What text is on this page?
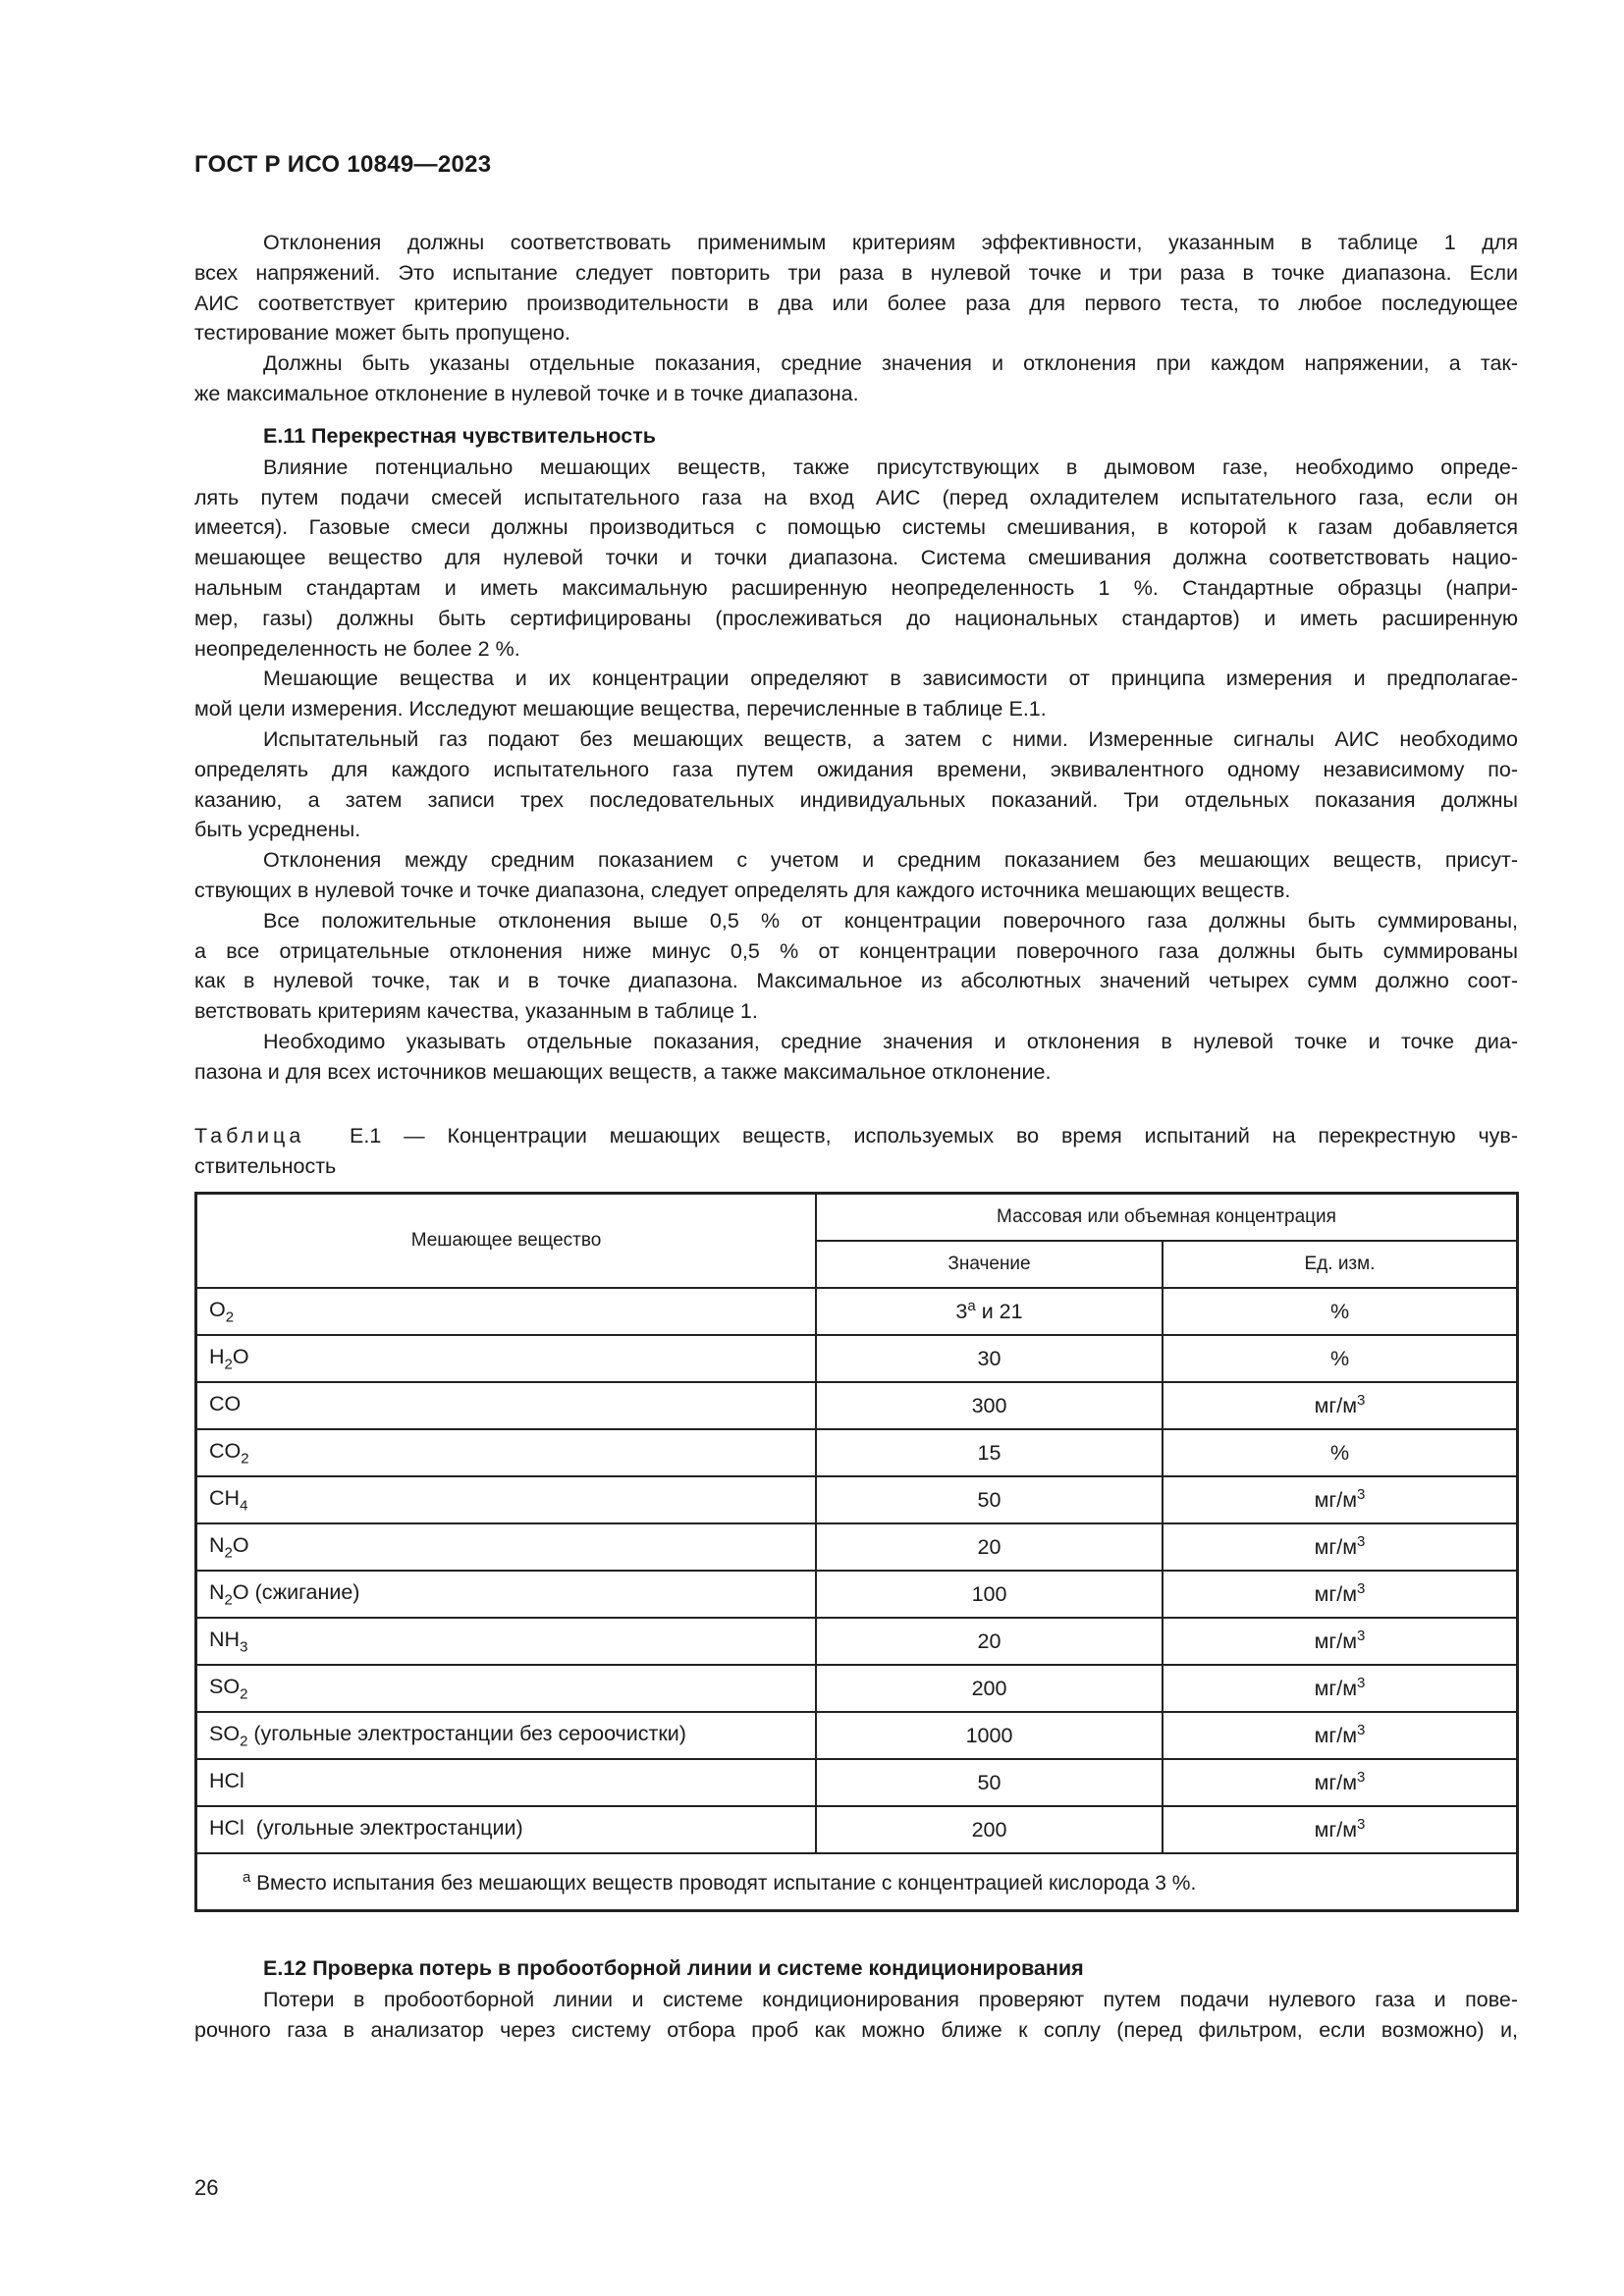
ГОСТ Р ИСО 10849—2023
Отклонения должны соответствовать применимым критериям эффективности, указанным в таблице 1 для
всех напряжений. Это испытание следует повторить три раза в нулевой точке и три раза в точке диапазона. Если
АИС соответствует критерию производительности в два или более раза для первого теста, то любое последующее
тестирование может быть пропущено.
Должны быть указаны отдельные показания, средние значения и отклонения при каждом напряжении, а так-
же максимальное отклонение в нулевой точке и в точке диапазона.
Е.11 Перекрестная чувствительность
Влияние потенциально мешающих веществ, также присутствующих в дымовом газе, необходимо опреде-
лять путем подачи смесей испытательного газа на вход АИС (перед охладителем испытательного газа, если он
имеется). Газовые смеси должны производиться с помощью системы смешивания, в которой к газам добавляется
мешающее вещество для нулевой точки и точки диапазона. Система смешивания должна соответствовать нацио-
нальным стандартам и иметь максимальную расширенную неопределенность 1 %. Стандартные образцы (напри-
мер, газы) должны быть сертифицированы (прослеживаться до национальных стандартов) и иметь расширенную
неопределенность не более 2 %.
Мешающие вещества и их концентрации определяют в зависимости от принципа измерения и предполагае-
мой цели измерения. Исследуют мешающие вещества, перечисленные в таблице Е.1.
Испытательный газ подают без мешающих веществ, а затем с ними. Измеренные сигналы АИС необходимо
определять для каждого испытательного газа путем ожидания времени, эквивалентного одному независимому по-
казанию, а затем записи трех последовательных индивидуальных показаний. Три отдельных показания должны
быть усреднены.
Отклонения между средним показанием с учетом и средним показанием без мешающих веществ, присут-
ствующих в нулевой точке и точке диапазона, следует определять для каждого источника мешающих веществ.
Все положительные отклонения выше 0,5 % от концентрации поверочного газа должны быть суммированы,
а все отрицательные отклонения ниже минус 0,5 % от концентрации поверочного газа должны быть суммированы
как в нулевой точке, так и в точке диапазона. Максимальное из абсолютных значений четырех сумм должно соот-
ветствовать критериям качества, указанным в таблице 1.
Необходимо указывать отдельные показания, средние значения и отклонения в нулевой точке и точке диа-
пазона и для всех источников мешающих веществ, а также максимальное отклонение.
Таблица Е.1 — Концентрации мешающих веществ, используемых во время испытаний на перекрестную чув-
ствительность
Мешающее вещество	Массовая или объемная концентрация	
	Значение	Ед. изм.
$O_2$	$3^а$ и 21	%
$H_2O$	30	%
CO	300	$мг/м^3$
$CO_2$	15	%
$CH_4$	50	$мг/м^3$
$N_2O$	20	$мг/м^3$
$N_2O$ (сжигание)	100	$мг/м^3$
$NH_3$	20	$мг/м^3$
$SO_2$	200	$мг/м^3$
$SO_2$ (угольные электростанции без сероочистки)	1000	$мг/м^3$
HCl	50	$мг/м^3$
HCl  (угольные электростанции)	200	$мг/м^3$
$^а$ Вместо испытания без мешающих веществ проводят испытание с концентрацией кислорода 3 %.		
Е.12 Проверка потерь в пробоотборной линии и системе кондиционирования
Потери в пробоотборной линии и системе кондиционирования проверяют путем подачи нулевого газа и пове-
рочного газа в анализатор через систему отбора проб как можно ближе к соплу (перед фильтром, если возможно) и,
26
